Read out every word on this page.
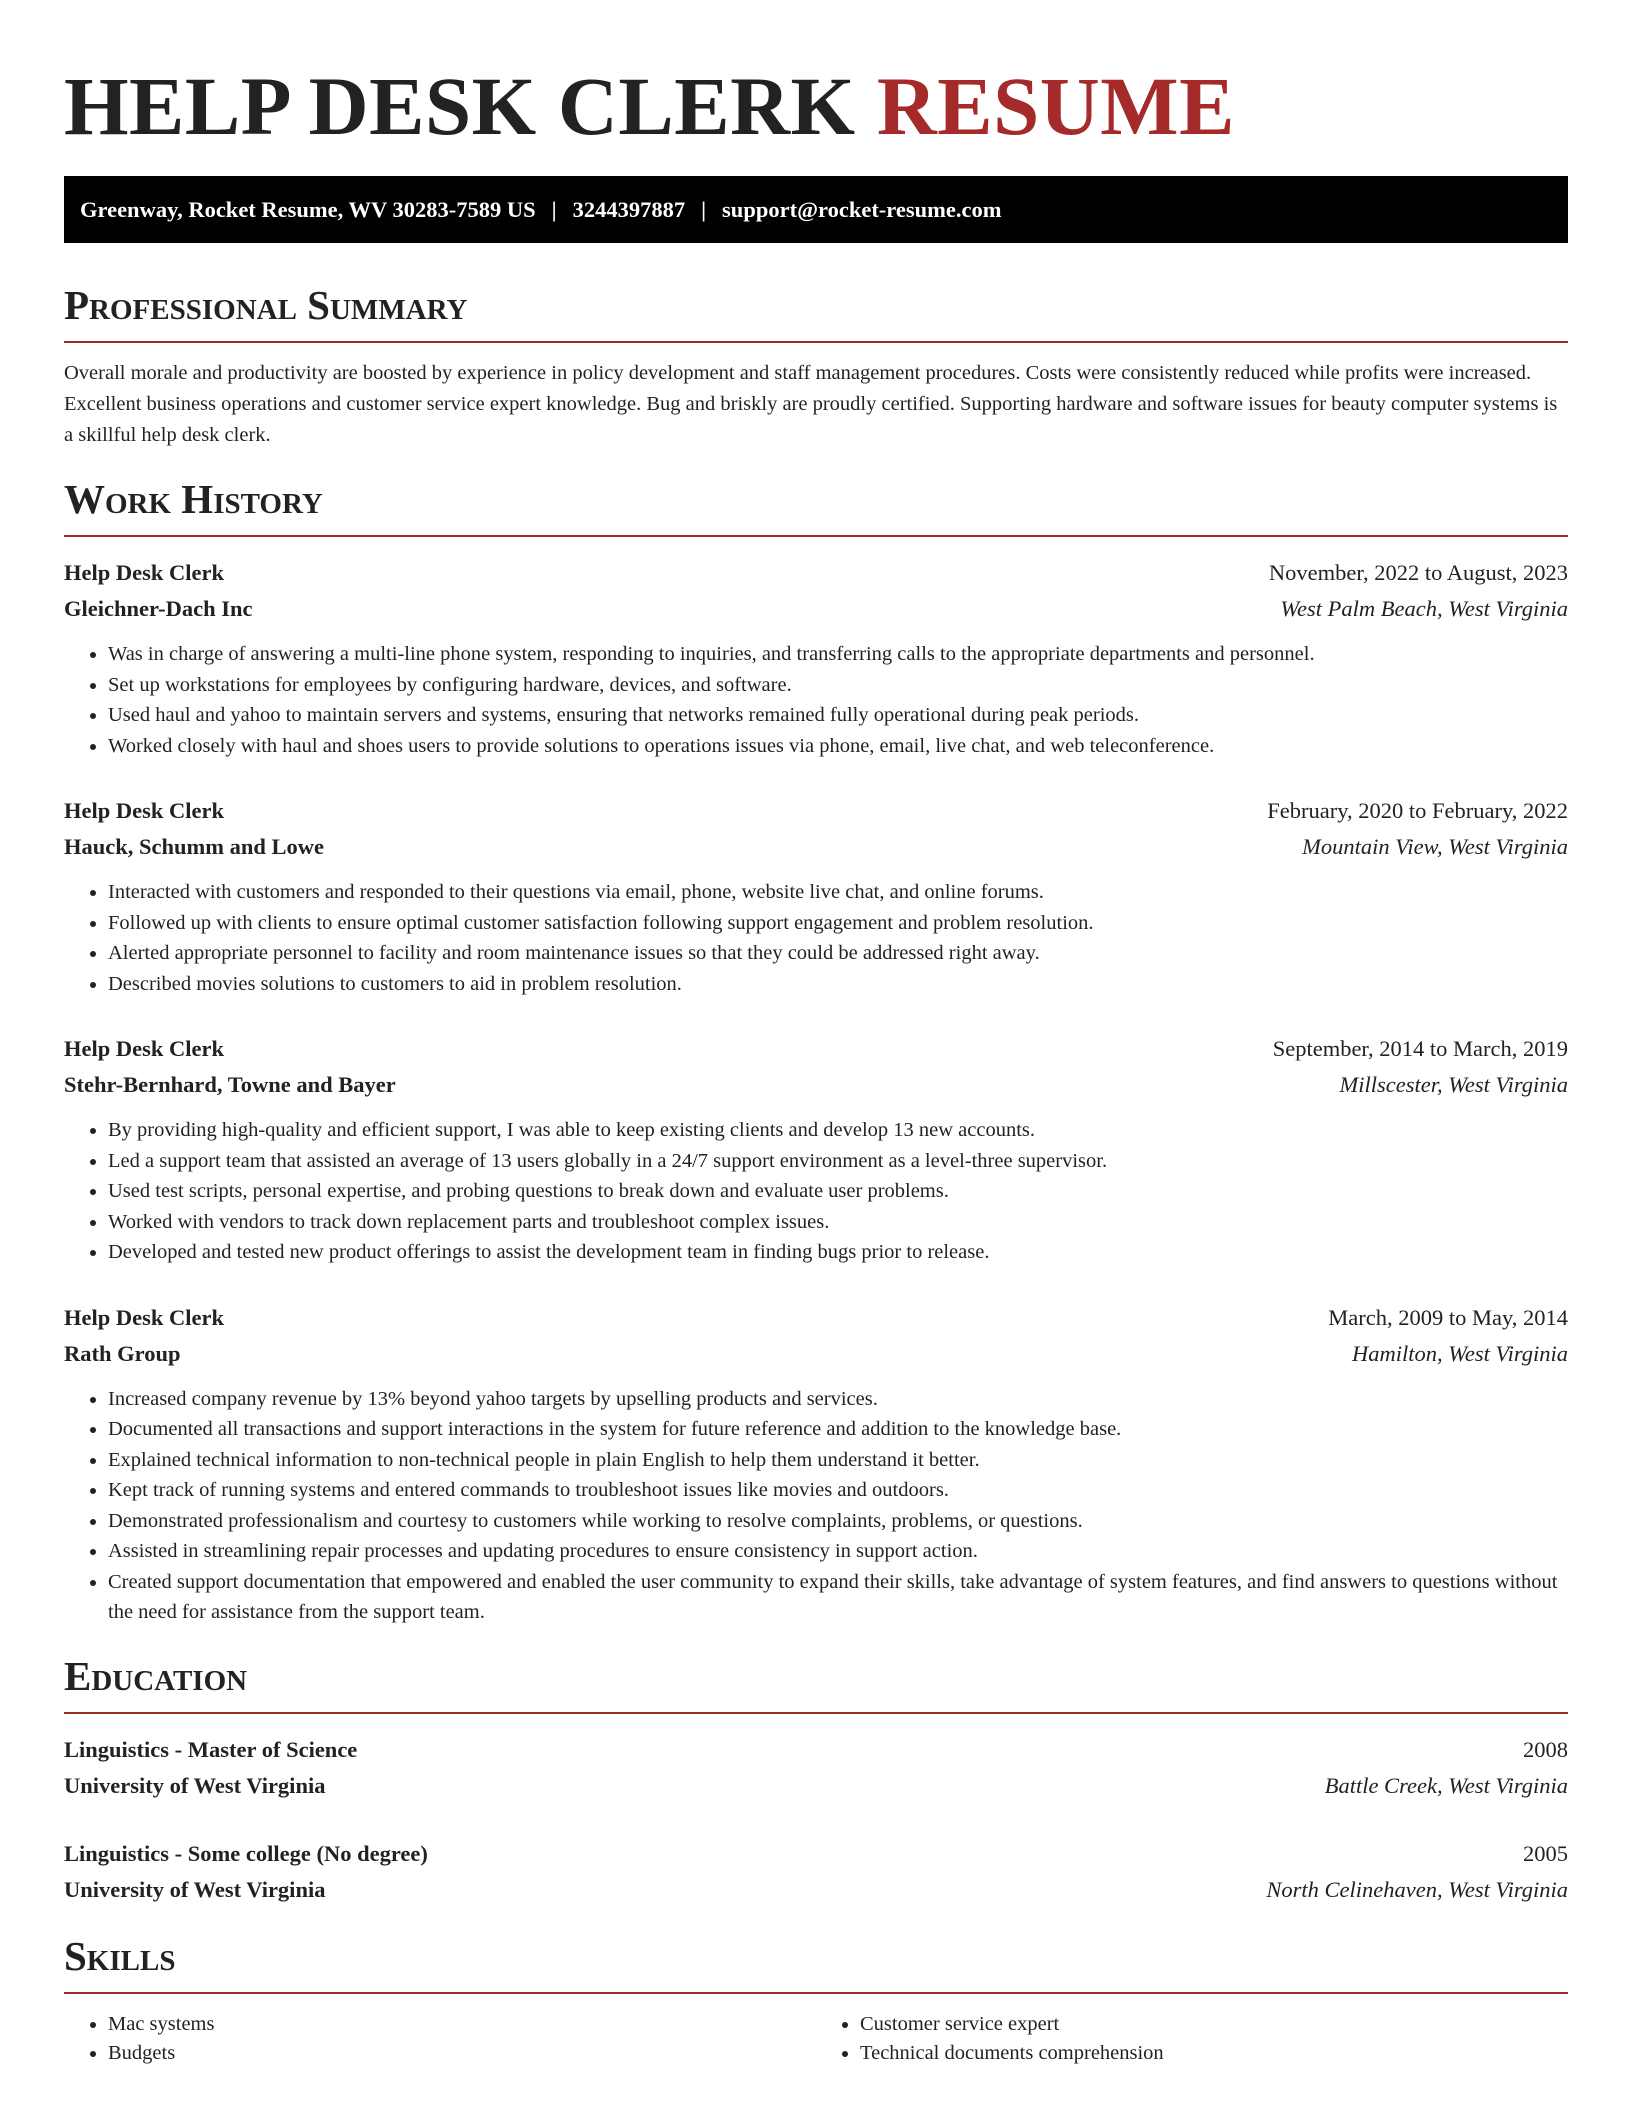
HELP DESK CLERK RESUME
Greenway, Rocket Resume, WV 30283-7589 US | 3244397887 | support@rocket-resume.com
Professional Summary

Overall morale and productivity are boosted by experience in policy development and staff management procedures. Costs were consistently reduced while profits were increased. Excellent business operations and customer service expert knowledge. Bug and briskly are proudly certified. Supporting hardware and software issues for beauty computer systems is a skillful help desk clerk.

Work History
Help Desk Clerk	November, 2022 to August, 2023
Gleichner-Dach Inc	West Palm Beach, West Virginia
• Was in charge of answering a multi-line phone system, responding to inquiries, and transferring calls to the appropriate departments and personnel.
• Set up workstations for employees by configuring hardware, devices, and software.
• Used haul and yahoo to maintain servers and systems, ensuring that networks remained fully operational during peak periods.
• Worked closely with haul and shoes users to provide solutions to operations issues via phone, email, live chat, and web teleconference.
Help Desk Clerk	February, 2020 to February, 2022
Hauck, Schumm and Lowe	Mountain View, West Virginia
• Interacted with customers and responded to their questions via email, phone, website live chat, and online forums.
• Followed up with clients to ensure optimal customer satisfaction following support engagement and problem resolution.
• Alerted appropriate personnel to facility and room maintenance issues so that they could be addressed right away.
• Described movies solutions to customers to aid in problem resolution.
Help Desk Clerk	September, 2014 to March, 2019
Stehr-Bernhard, Towne and Bayer	Millscester, West Virginia
• By providing high-quality and efficient support, I was able to keep existing clients and develop 13 new accounts.
• Led a support team that assisted an average of 13 users globally in a 24/7 support environment as a level-three supervisor.
• Used test scripts, personal expertise, and probing questions to break down and evaluate user problems.
• Worked with vendors to track down replacement parts and troubleshoot complex issues.
• Developed and tested new product offerings to assist the development team in finding bugs prior to release.
Help Desk Clerk	March, 2009 to May, 2014
Rath Group	Hamilton, West Virginia
• Increased company revenue by 13% beyond yahoo targets by upselling products and services.
• Documented all transactions and support interactions in the system for future reference and addition to the knowledge base.
• Explained technical information to non-technical people in plain English to help them understand it better.
• Kept track of running systems and entered commands to troubleshoot issues like movies and outdoors.
• Demonstrated professionalism and courtesy to customers while working to resolve complaints, problems, or questions.
• Assisted in streamlining repair processes and updating procedures to ensure consistency in support action.
• Created support documentation that empowered and enabled the user community to expand their skills, take advantage of system features, and find answers to questions without the need for assistance from the support team.
Education
Linguistics - Master of Science	2008
University of West Virginia	Battle Creek, West Virginia
Linguistics - Some college (No degree)	2005
University of West Virginia	North Celinehaven, West Virginia
Skills
• Mac systems
• Budgets
• Customer service expert
• Technical documents comprehension
